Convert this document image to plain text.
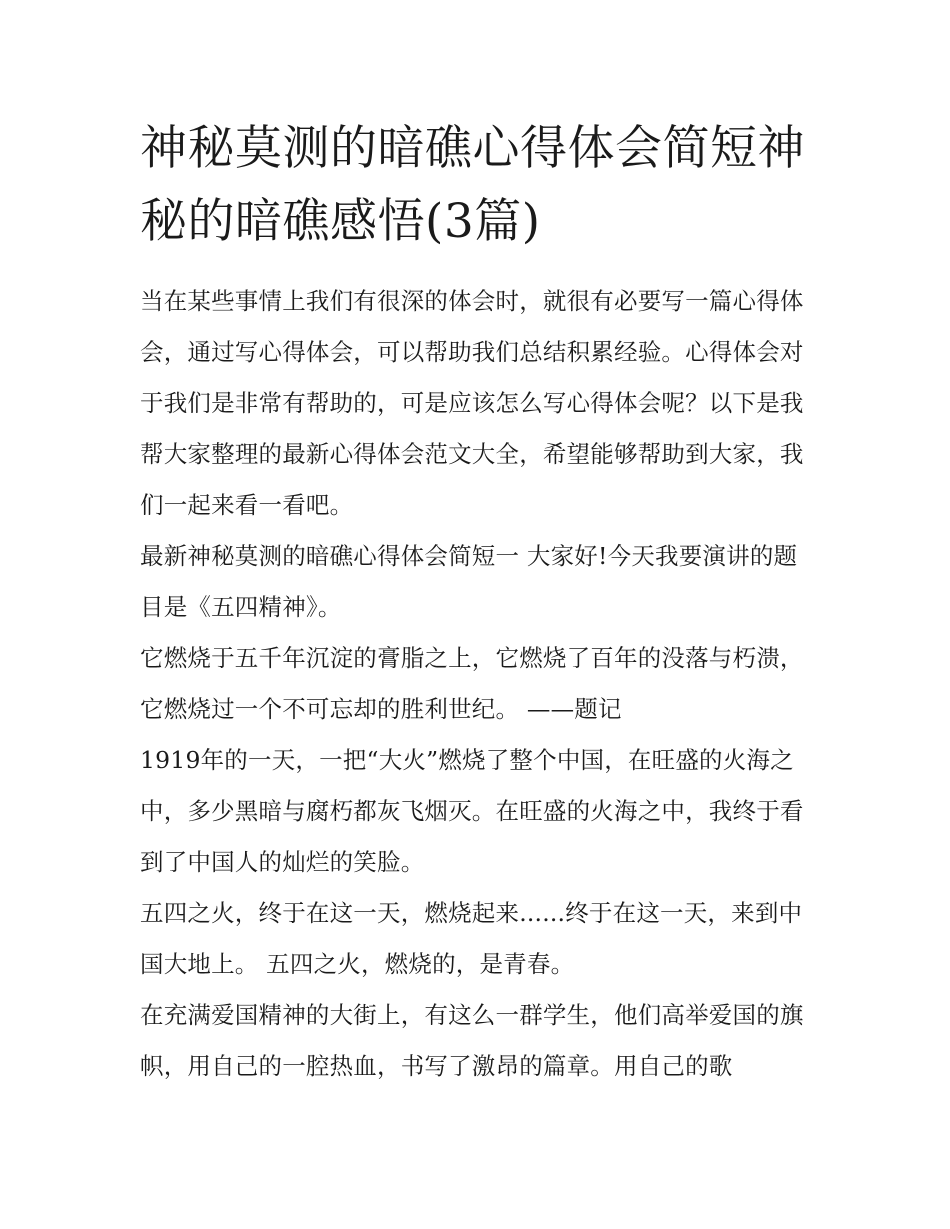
神秘莫测的暗礁心得体会简短神秘的暗礁感悟(3篇)

当在某些事情上我们有很深的体会时，就很有必要写一篇心得体会，通过写心得体会，可以帮助我们总结积累经验。心得体会对于我们是非常有帮助的，可是应该怎么写心得体会呢？以下是我帮大家整理的最新心得体会范文大全，希望能够帮助到大家，我们一起来看一看吧。

最新神秘莫测的暗礁心得体会简短一 大家好!今天我要演讲的题目是《五四精神》。

它燃烧于五千年沉淀的膏脂之上，它燃烧了百年的没落与朽溃，它燃烧过一个不可忘却的胜利世纪。 ——题记

1919年的一天，一把“大火”燃烧了整个中国，在旺盛的火海之中，多少黑暗与腐朽都灰飞烟灭。在旺盛的火海之中，我终于看到了中国人的灿烂的笑脸。

五四之火，终于在这一天，燃烧起来......终于在这一天，来到中国大地上。 五四之火，燃烧的，是青春。

在充满爱国精神的大街上，有这么一群学生，他们高举爱国的旗帜，用自己的一腔热血，书写了激昂的篇章。用自己的歌
